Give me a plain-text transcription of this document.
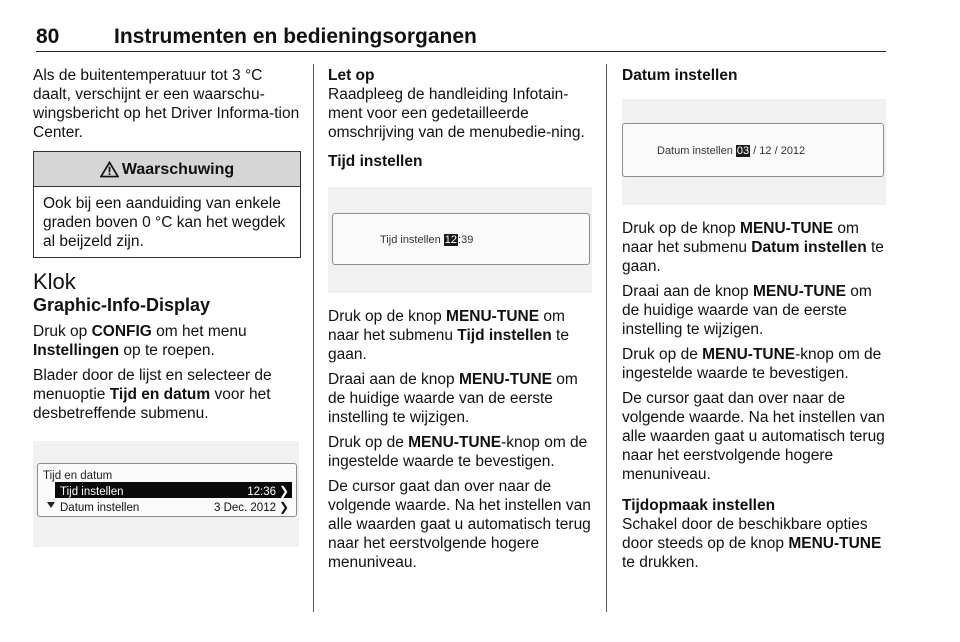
80	Instrumenten en bedieningsorganen

Als de buitentemperatuur tot 3 °C daalt, verschijnt er een waarschu-wingsbericht op het Driver Informa-tion Center.

Waarschuwing
Ook bij een aanduiding van enkele graden boven 0 °C kan het wegdek al beijzeld zijn.
Klok
Graphic-Info-Display

Druk op CONFIG om het menu Instellingen op te roepen.

Blader door de lijst en selecteer de menuoptie Tijd en datum voor het desbetreffende submenu.

Tijd en datum
Tijd instellen	12:36 ❯
Datum instellen	3 Dec. 2012 ❯
Let op

Raadpleeg de handleiding Infotain-ment voor een gedetailleerde omschrijving van de menubedie-ning.

Tijd instellen
Tijd instellen 12:39

Druk op de knop MENU-TUNE om naar het submenu Tijd instellen te gaan.

Draai aan de knop MENU-TUNE om de huidige waarde van de eerste instelling te wijzigen.

Druk op de MENU-TUNE-knop om de ingestelde waarde te bevestigen.

De cursor gaat dan over naar de volgende waarde. Na het instellen van alle waarden gaat u automatisch terug naar het eerstvolgende hogere menuniveau.

Datum instellen
Datum instellen 03 / 12 / 2012

Druk op de knop MENU-TUNE om naar het submenu Datum instellen te gaan.

Draai aan de knop MENU-TUNE om de huidige waarde van de eerste instelling te wijzigen.

Druk op de MENU-TUNE-knop om de ingestelde waarde te bevestigen.

De cursor gaat dan over naar de volgende waarde. Na het instellen van alle waarden gaat u automatisch terug naar het eerstvolgende hogere menuniveau.

Tijdopmaak instellen

Schakel door de beschikbare opties door steeds op de knop MENU-TUNE te drukken.
